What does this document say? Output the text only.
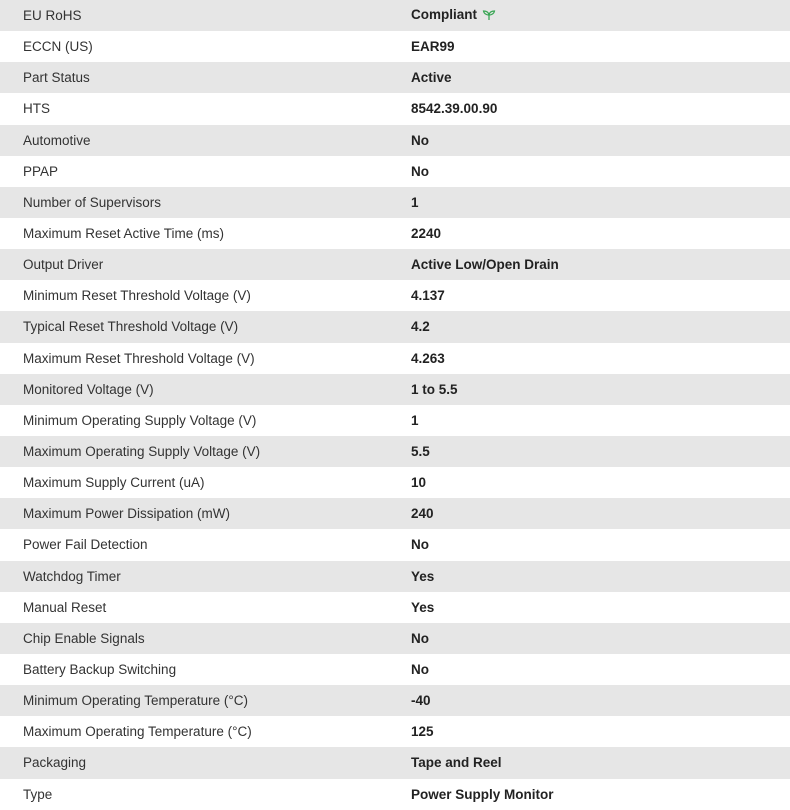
EU RoHS	Compliant
ECCN (US)	EAR99
Part Status	Active
HTS	8542.39.00.90
Automotive	No
PPAP	No
Number of Supervisors	1
Maximum Reset Active Time (ms)	2240
Output Driver	Active Low/Open Drain
Minimum Reset Threshold Voltage (V)	4.137
Typical Reset Threshold Voltage (V)	4.2
Maximum Reset Threshold Voltage (V)	4.263
Monitored Voltage (V)	1 to 5.5
Minimum Operating Supply Voltage (V)	1
Maximum Operating Supply Voltage (V)	5.5
Maximum Supply Current (uA)	10
Maximum Power Dissipation (mW)	240
Power Fail Detection	No
Watchdog Timer	Yes
Manual Reset	Yes
Chip Enable Signals	No
Battery Backup Switching	No
Minimum Operating Temperature (°C)	-40
Maximum Operating Temperature (°C)	125
Packaging	Tape and Reel
Type	Power Supply Monitor
